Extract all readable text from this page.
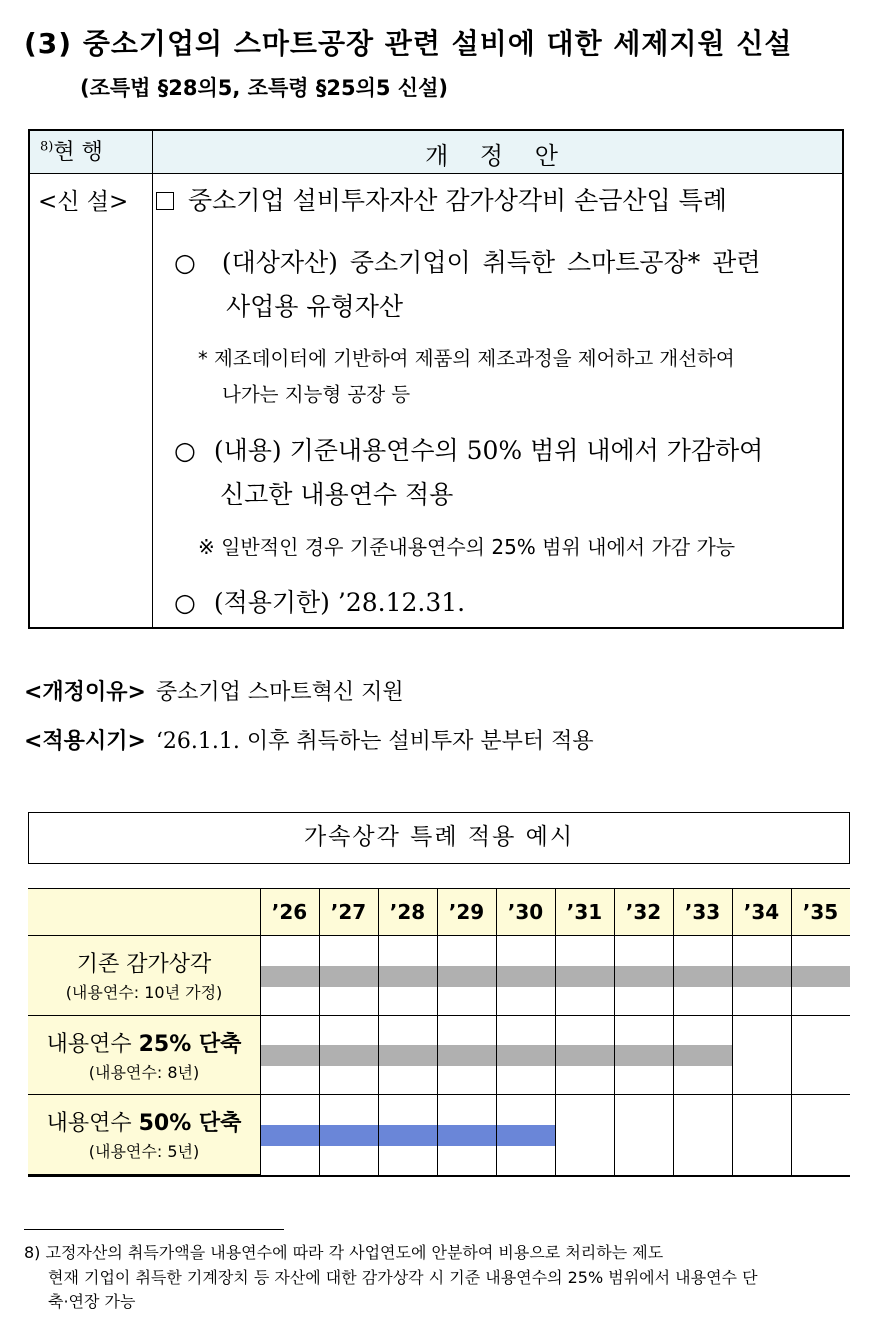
(3) 중소기업의 스마트공장 관련 설비에 대한 세제지원 신설
(조특법 §28의5, 조특령 §25의5 신설)
$^{8)}$현 행	개 정 안
<신 설>	중소기업 설비투자자산 감가상각비 손금산입 특례
○ (대상자산) 중소기업이 취득한 스마트공장* 관련
사업용 유형자산
* 제조데이터에 기반하여 제품의 제조과정을 제어하고 개선하여
나가는 지능형 공장 등
○ (내용) 기준내용연수의 50% 범위 내에서 가감하여
신고한 내용연수 적용
※ 일반적인 경우 기준내용연수의 25% 범위 내에서 가감 가능
○ (적용기한) ’28.12.31.
<개정이유> 중소기업 스마트혁신 지원
<적용시기> ‘26.1.1. 이후 취득하는 설비투자 분부터 적용
가속상각 특례 적용 예시
’26	’27	’28	’29	’30	’31	’32	’33	’34	’35
기존 감가상각
(내용연수: 10년 가정)
내용연수 25% 단축
(내용연수: 8년)
내용연수 50% 단축
(내용연수: 5년)
8) 고정자산의 취득가액을 내용연수에 따라 각 사업연도에 안분하여 비용으로 처리하는 제도
현재 기업이 취득한 기계장치 등 자산에 대한 감가상각 시 기준 내용연수의 25% 범위에서 내용연수 단
축·연장 가능
